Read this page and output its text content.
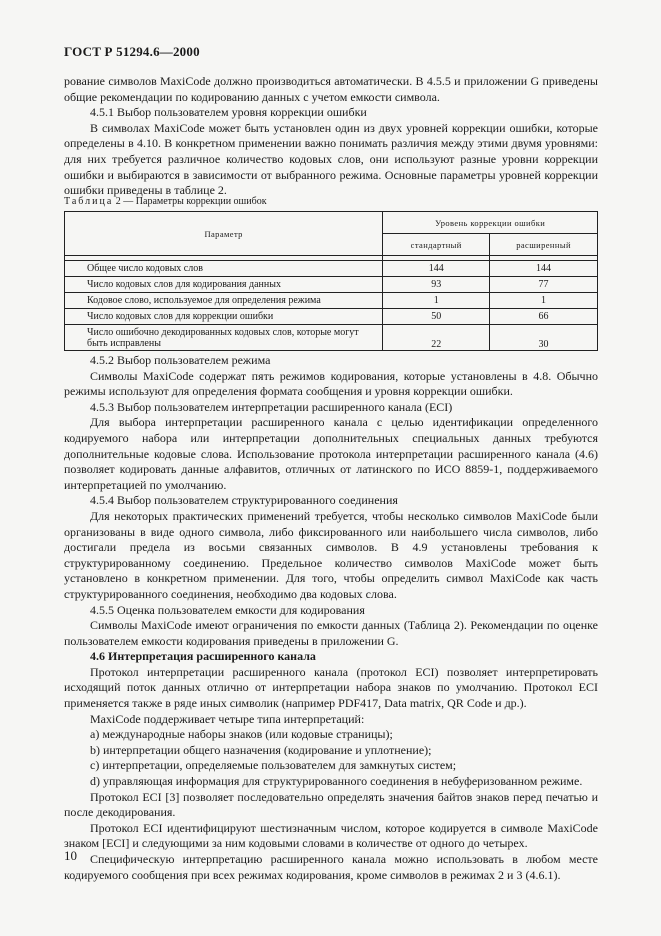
ГОСТ Р 51294.6—2000

рование символов MaxiCode должно производиться автоматически. В 4.5.5 и приложении G приведены общие рекомендации по кодированию данных с учетом емкости символа.

4.5.1 Выбор пользователем уровня коррекции ошибки

В символах MaxiCode может быть установлен один из двух уровней коррекции ошибки, которые определены в 4.10. В конкретном применении важно понимать различия между этими двумя уровнями: для них требуется различное количество кодовых слов, они используют разные уровни коррекции ошибки и выбираются в зависимости от выбранного режима. Основные параметры уровней коррекции ошибки приведены в таблице 2.

Таблица 2 — Параметры коррекции ошибок
Параметр	Уровень коррекции ошибки	
	стандартный	расширенный

Общее число кодовых слов	144	144
Число кодовых слов для кодирования данных	93	77
Кодовое слово, используемое для определения режима	1	1
Число кодовых слов для коррекции ошибки	50	66
Число ошибочно декодированных кодовых слов, которые могут быть исправлены	22	30

4.5.2 Выбор пользователем режима

Символы MaxiCode содержат пять режимов кодирования, которые установлены в 4.8. Обычно режимы используют для определения формата сообщения и уровня коррекции ошибки.

4.5.3 Выбор пользователем интерпретации расширенного канала (ECI)

Для выбора интерпретации расширенного канала с целью идентификации определенного кодируемого набора или интерпретации дополнительных специальных данных требуются дополнительные кодовые слова. Использование протокола интерпретации расширенного канала (4.6) позволяет кодировать данные алфавитов, отличных от латинского по ИСО 8859-1, поддерживаемого интерпретацией по умолчанию.

4.5.4 Выбор пользователем структурированного соединения

Для некоторых практических применений требуется, чтобы несколько символов MaxiCode были организованы в виде одного символа, либо фиксированного или наибольшего числа символов, либо достигали предела из восьми связанных символов. В 4.9 установлены требования к структурированному соединению. Предельное количество символов MaxiCode может быть установлено в конкретном применении. Для того, чтобы определить символ MaxiCode как часть структурированного соединения, необходимо два кодовых слова.

4.5.5 Оценка пользователем емкости для кодирования

Символы MaxiCode имеют ограничения по емкости данных (Таблица 2). Рекомендации по оценке пользователем емкости кодирования приведены в приложении G.

4.6 Интерпретация расширенного канала

Протокол интерпретации расширенного канала (протокол ECI) позволяет интерпретировать исходящий поток данных отлично от интерпретации набора знаков по умолчанию. Протокол ECI применяется также в ряде иных символик (например PDF417, Data matrix, QR Code и др.).

MaxiCode поддерживает четыре типа интерпретаций:

a) международные наборы знаков (или кодовые страницы);

b) интерпретации общего назначения (кодирование и уплотнение);

c) интерпретации, определяемые пользователем для замкнутых систем;

d) управляющая информация для структурированного соединения в небуферизованном режиме.

Протокол ECI [3] позволяет последовательно определять значения байтов знаков перед печатью и после декодирования.

Протокол ECI идентифицируют шестизначным числом, которое кодируется в символе MaxiCode знаком [ECI] и следующими за ним кодовыми словами в количестве от одного до четырех.

Специфическую интерпретацию расширенного канала можно использовать в любом месте кодируемого сообщения при всех режимах кодирования, кроме символов в режимах 2 и 3 (4.6.1).

10
